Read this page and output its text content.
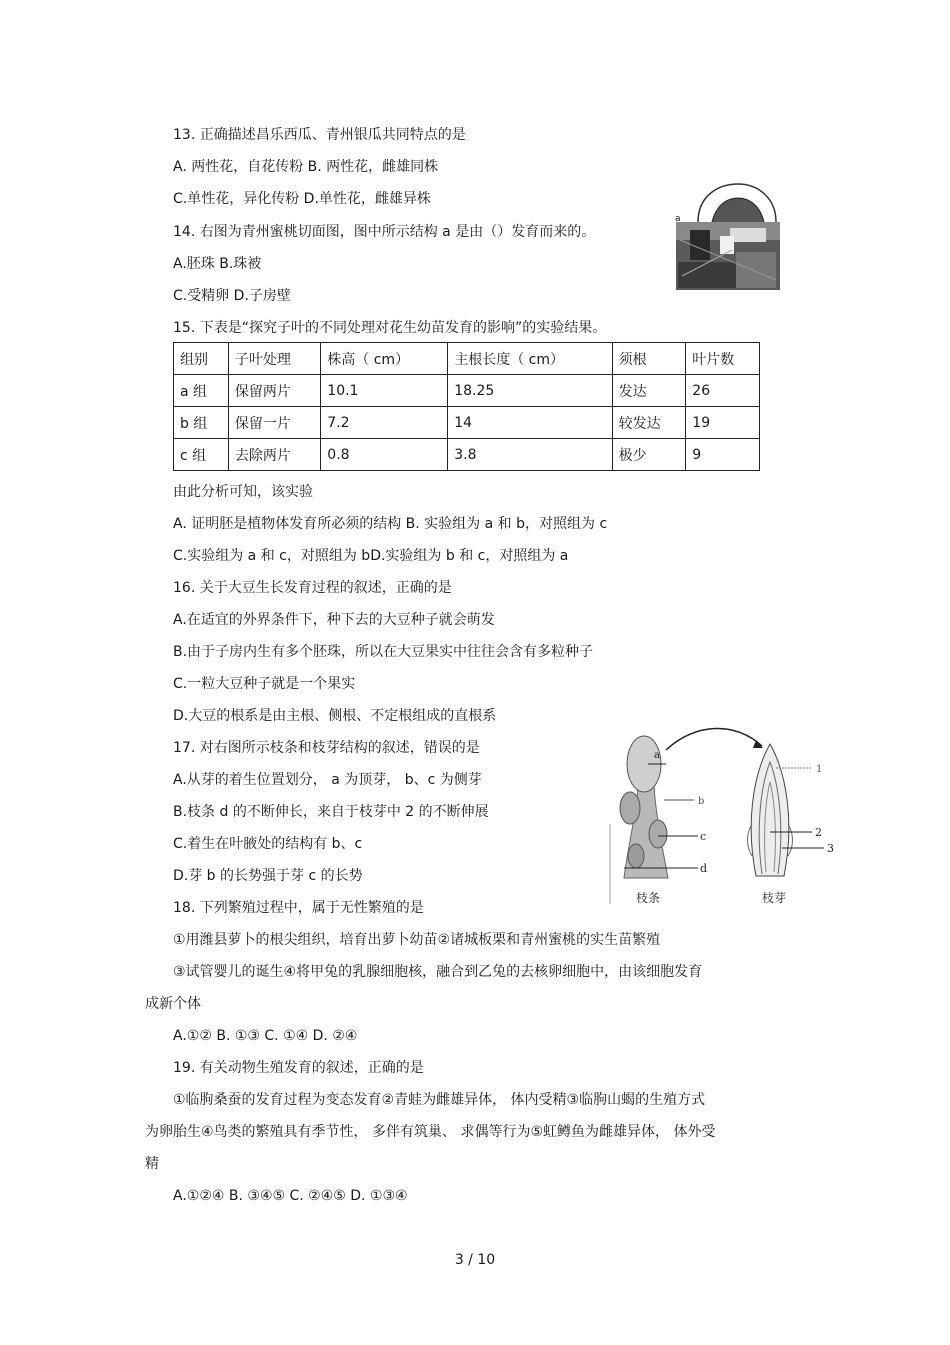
13. 正确描述昌乐西瓜、青州银瓜共同特点的是
A. 两性花，自花传粉 B. 两性花，雌雄同株
C.单性花，异化传粉 D.单性花，雌雄异株
14. 右图为青州蜜桃切面图，图中所示结构 a 是由（）发育而来的。
A.胚珠 B.珠被
C.受精卵 D.子房壁
a
15. 下表是“探究子叶的不同处理对花生幼苗发育的影响”的实验结果。
组别	子叶处理	株高（ cm）	主根长度（ cm）	须根	叶片数
a 组	保留两片	10.1	18.25	发达	26
b 组	保留一片	7.2	14	较发达	19
c 组	去除两片	0.8	3.8	极少	9
由此分析可知，该实验
A. 证明胚是植物体发育所必须的结构 B. 实验组为 a 和 b，对照组为 c
C.实验组为 a 和 c，对照组为 bD.实验组为 b 和 c，对照组为 a
16. 关于大豆生长发育过程的叙述，正确的是
A.在适宜的外界条件下，种下去的大豆种子就会萌发
B.由于子房内生有多个胚珠，所以在大豆果实中往往会含有多粒种子
C.一粒大豆种子就是一个果实
D.大豆的根系是由主根、侧根、不定根组成的直根系
17. 对右图所示枝条和枝芽结构的叙述，错误的是
A.从芽的着生位置划分， a 为顶芽， b、c 为侧芽
B.枝条 d 的不断伸长，来自于枝芽中 2 的不断伸展
C.着生在叶腋处的结构有 b、c
D.芽 b 的长势强于芽 c 的长势
a
b
c
d
枝条
1
2
3
枝芽
18. 下列繁殖过程中，属于无性繁殖的是
①用潍县萝卜的根尖组织，培育出萝卜幼苗②诸城板栗和青州蜜桃的实生苗繁殖
③试管婴儿的诞生④将甲兔的乳腺细胞核，融合到乙兔的去核卵细胞中，由该细胞发育
成新个体
A.①② B. ①③ C. ①④ D. ②④
19. 有关动物生殖发育的叙述，正确的是
①临朐桑蚕的发育过程为变态发育②青蛙为雌雄异体， 体内受精③临朐山蝎的生殖方式
为卵胎生④鸟类的繁殖具有季节性， 多伴有筑巢、 求偶等行为⑤虹鳟鱼为雌雄异体， 体外受
精
A.①②④ B. ③④⑤ C. ②④⑤ D. ①③④
3 / 10
